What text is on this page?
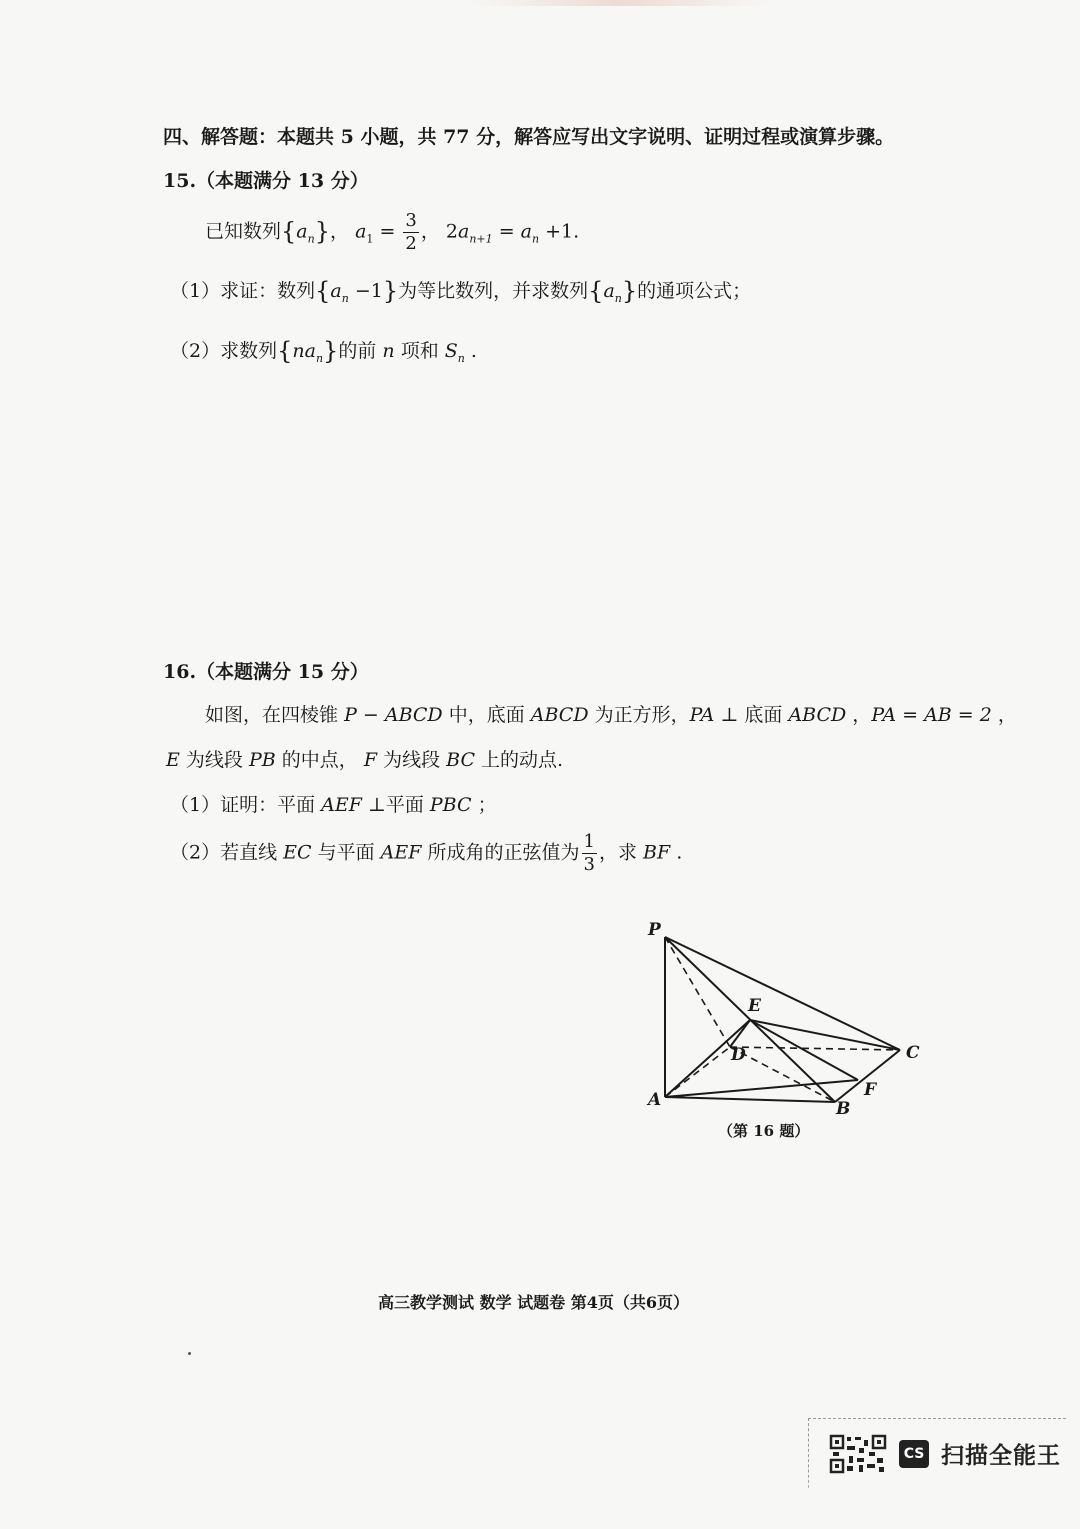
四、解答题：本题共 5 小题，共 77 分，解答应写出文字说明、证明过程或演算步骤。
15.（本题满分 13 分）
已知数列$\{a_n\}$， $a_1 = \frac{3}{2}$ ， $2a_{n+1} = a_n +1$.
（1）求证：数列$\{a_n -1\}$为等比数列，并求数列$\{a_n\}$的通项公式；
（2）求数列$\{na_n\}$的前 n 项和 $S_n$ .
16.（本题满分 15 分）
如图，在四棱锥 P − ABCD 中，底面 ABCD 为正方形，PA ⊥ 底面 ABCD ，PA = AB = 2 ，
E 为线段 PB 的中点， F 为线段 BC 上的动点.
（1）证明：平面 AEF ⊥平面 PBC ；
（2）若直线 EC 与平面 AEF 所成角的正弦值为 $\frac{1}{3}$ ，求 BF .
P
E
D	C
F
A	B
（第 16 题）
高三教学测试 数学 试题卷 第4页（共6页）
CS 扫描全能王
